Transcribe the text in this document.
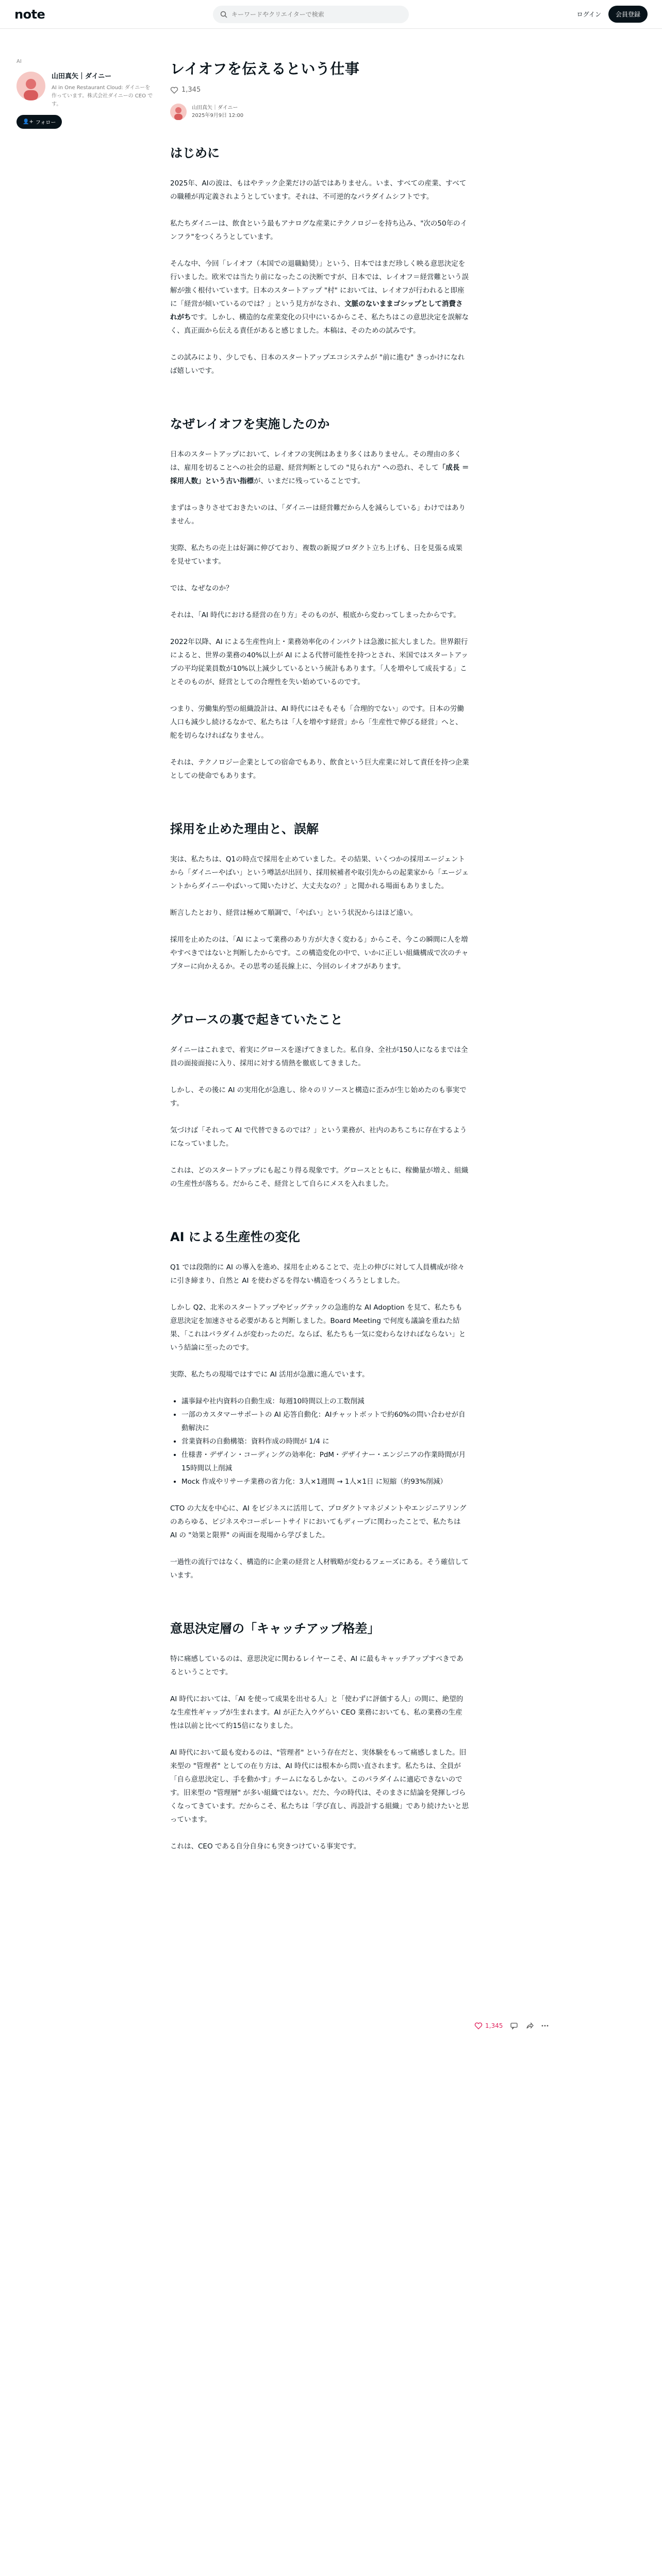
note
キーワードやクリエイターで検索	ログイン	会員登録
AI
山田真矢｜ダイニー
AI in One Restaurant Cloud: ダイニーを作っています。株式会社ダイニーの CEO です。
👤+ フォロー
レイオフを伝えるという仕事
1,345
山田真矢｜ダイニー
2025年9月9日 12:00
はじめに

2025年、AIの波は、もはやテック企業だけの話ではありません。いま、すべての産業、すべての職種が再定義されようとしています。それは、不可逆的なパラダイムシフトです。

私たちダイニーは、飲食という最もアナログな産業にテクノロジーを持ち込み、"次の50年のインフラ"をつくろうとしています。

そんな中、今回「レイオフ（本国での退職勧奨）」という、日本ではまだ珍しく映る意思決定を行いました。欧米では当たり前になったこの決断ですが、日本では、レイオフ＝経営難という誤解が強く根付いています。日本のスタートアップ "村" においては、レイオフが行われると即座に「経営が傾いているのでは？」という見方がなされ、文脈のないままゴシップとして消費されがちです。しかし、構造的な産業変化の只中にいるからこそ、私たちはこの意思決定を誤解なく、真正面から伝える責任があると感じました。本稿は、そのための試みです。

この試みにより、少しでも、日本のスタートアップエコシステムが "前に進む" きっかけになれば嬉しいです。

なぜレイオフを実施したのか

日本のスタートアップにおいて、レイオフの実例はあまり多くはありません。その理由の多くは、雇用を切ることへの社会的忌避、経営判断としての "見られ方" への恐れ、そして「成長 ＝ 採用人数」という古い指標が、いまだに残っていることです。

まずはっきりさせておきたいのは、「ダイニーは経営難だから人を減らしている」わけではありません。

実際、私たちの売上は好調に伸びており、複数の新規プロダクト立ち上げも、日を見張る成果を見せています。

では、なぜなのか？

それは、「AI 時代における経営の在り方」そのものが、根底から変わってしまったからです。

2022年以降、AI による生産性向上・業務効率化のインパクトは急激に拡大しました。世界銀行によると、世界の業務の40%以上が AI による代替可能性を持つとされ、米国ではスタートアップの平均従業員数が10%以上減少しているという統計もあります。「人を増やして成長する」ことそのものが、経営としての合理性を失い始めているのです。

つまり、労働集約型の組織設計は、AI 時代にはそもそも「合理的でない」のです。日本の労働人口も減少し続けるなかで、私たちは「人を増やす経営」から「生産性で伸びる経営」へと、舵を切らなければなりません。

それは、テクノロジー企業としての宿命でもあり、飲食という巨大産業に対して責任を持つ企業としての使命でもあります。

採用を止めた理由と、誤解

実は、私たちは、Q1の時点で採用を止めていました。その結果、いくつかの採用エージェントから「ダイニーやばい」という噂話が出回り、採用候補者や取引先からの起業家から「エージェントからダイニーやばいって聞いたけど、大丈夫なの？」と聞かれる場面もありました。

断言したとおり、経営は極めて順調で、「やばい」という状況からはほど遠い。

採用を止めたのは、「AI によって業務のあり方が大きく変わる」からこそ、今この瞬間に人を増やすべきではないと判断したからです。この構造変化の中で、いかに正しい組織構成で次のチャプターに向かえるか。その思考の延長線上に、今回のレイオフがあります。

グロースの裏で起きていたこと

ダイニーはこれまで、着実にグロースを遂げてきました。私自身、全社が150人になるまでは全員の面接面接に入り、採用に対する情熱を徹底してきました。

しかし、その後に AI の実用化が急進し、徐々のリソースと構造に歪みが生じ始めたのも事実です。

気づけば「それって AI で代替できるのでは？」という業務が、社内のあちこちに存在するようになっていました。

これは、どのスタートアップにも起こり得る現象です。グロースとともに、稼働量が増え、組織の生産性が落ちる。だからこそ、経営として自らにメスを入れました。

AI による生産性の変化

Q1 では段階的に AI の導入を進め、採用を止めることで、売上の伸びに対して人員構成が徐々に引き締まり、自然と AI を使わざるを得ない構造をつくろうとしました。

しかし Q2、北米のスタートアップやビッグテックの急進的な AI Adoption を見て、私たちも意思決定を加速させる必要があると判断しました。Board Meeting で何度も議論を重ねた結果、「これはパラダイムが変わったのだ。ならば、私たちも一気に変わらなければならない」という結論に至ったのです。

実際、私たちの現場ではすでに AI 活用が急激に進んでいます。

• 議事録や社内資料の自動生成：毎週10時間以上の工数削減
• 一部のカスタマーサポートの AI 応答自動化：AIチャットボットで約60%の問い合わせが自動解決に
• 営業資料の自動構築：資料作成の時間が 1/4 に
• 仕様書・デザイン・コーディングの効率化：PdM・デザイナー・エンジニアの作業時間が月15時間以上削減
• Mock 作成やリサーチ業務の省力化：3人×1週間 → 1人×1日 に短縮（約93%削減）

CTO の大友を中心に、AI をビジネスに活用して、プロダクトマネジメントやエンジニアリングのあらゆる、ビジネスやコーポレートサイドにおいてもディープに関わったことで、私たちは AI の "効果と限界" の両面を現場から学びました。

一過性の流行ではなく、構造的に企業の経営と人材戦略が変わるフェーズにある。そう確信しています。

意思決定層の「キャッチアップ格差」

特に痛感しているのは、意思決定に関わるレイヤーこそ、AI に最もキャッチアップすべきであるということです。

AI 時代においては、「AI を使って成果を出せる人」と「使わずに評価する人」の間に、絶望的な生産性ギャップが生まれます。AI が正た入ウゲらい CEO 業務においても、私の業務の生産性は以前と比べて約15倍になりました。

AI 時代において最も変わるのは、"管理者" という存在だと、実体験をもって痛感しました。旧来型の "管理者" としての在り方は、AI 時代には根本から問い直されます。私たちは、全員が「自ら意思決定し、手を動かす」チームになるしかない。このパラダイムに適応できないのです。旧来型の "管理層" が多い組織ではない。だた、今の時代は、そのまさに結論を発揮しづらくなってきています。だからこそ、私たちは「学び直し、再設計する組織」であり続けたいと思っています。

これは、CEO である自分自身にも突きつけている事実です。

1,345
